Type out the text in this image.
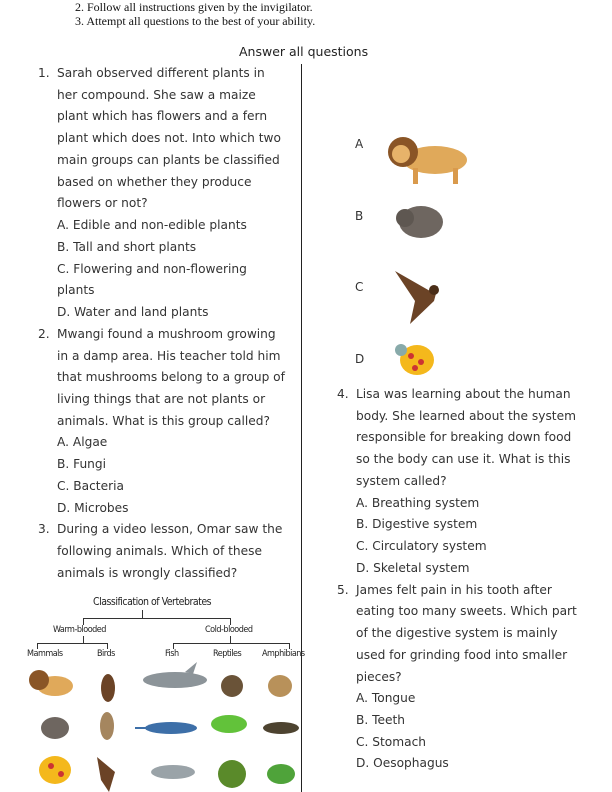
2. Follow all instructions given by the invigilator.
3. Attempt all questions to the best of your ability.
Answer all questions
1. Sarah observed different plants in
her compound. She saw a maize
plant which has flowers and a fern
plant which does not. Into which two
main groups can plants be classified
based on whether they produce
flowers or not?
A. Edible and non-edible plants
B. Tall and short plants
C. Flowering and non-flowering
plants
D. Water and land plants
2. Mwangi found a mushroom growing
in a damp area. His teacher told him
that mushrooms belong to a group of
living things that are not plants or
animals. What is this group called?
A. Algae
B. Fungi
C. Bacteria
D. Microbes
3. During a video lesson, Omar saw the
following animals. Which of these
animals is wrongly classified?
4. Lisa was learning about the human
body. She learned about the system
responsible for breaking down food
so the body can use it. What is this
system called?
A. Breathing system
B. Digestive system
C. Circulatory system
D. Skeletal system
5. James felt pain in his tooth after
eating too many sweets. Which part
of the digestive system is mainly
used for grinding food into smaller
pieces?
A. Tongue
B. Teeth
C. Stomach
D. Oesophagus
A
B
C
D
Classification of Vertebrates
Warm-blooded	Cold-blooded
Mammals	Birds	Fish	Reptiles Amphibians
